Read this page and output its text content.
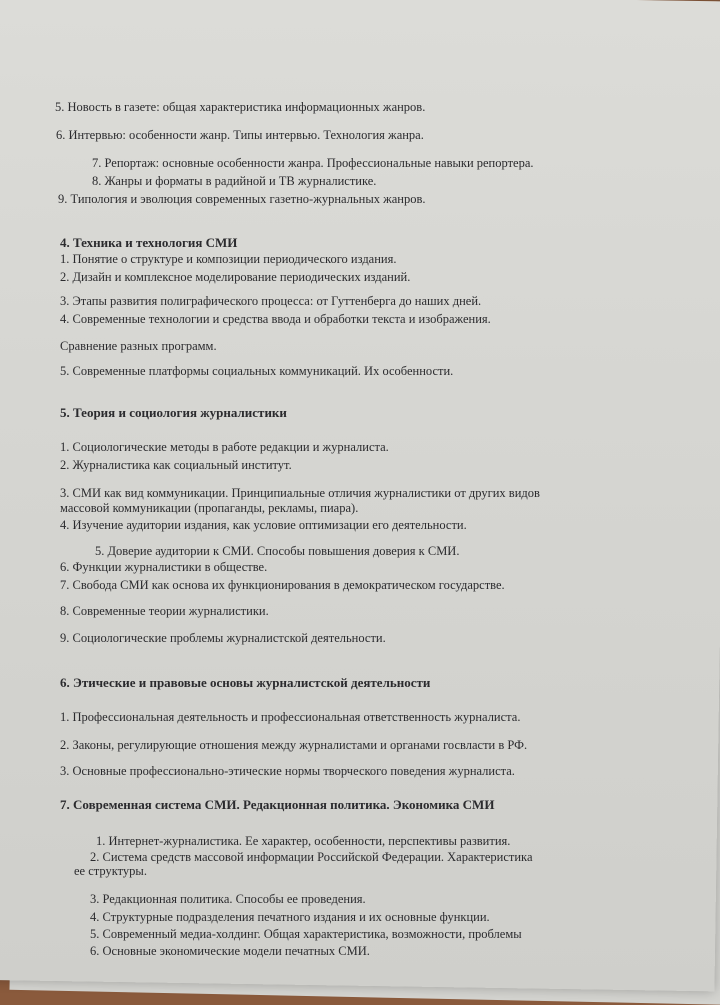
5. Новость в газете: общая характеристика информационных жанров.
6. Интервью: особенности жанр. Типы интервью. Технология жанра.
7. Репортаж: основные особенности жанра. Профессиональные навыки репортера.
8. Жанры и форматы в радийной и ТВ журналистике.
9. Типология и эволюция современных газетно-журнальных жанров.
4. Техника и технология СМИ
1. Понятие о структуре и композиции периодического издания.
2. Дизайн и комплексное моделирование периодических изданий.
3. Этапы развития полиграфического процесса: от Гуттенберга до наших дней.
4. Современные технологии и средства ввода и обработки текста и изображения.
Сравнение разных программ.
5. Современные платформы социальных коммуникаций. Их особенности.
5. Теория и социология журналистики
1. Социологические методы в работе редакции и журналиста.
2. Журналистика как социальный институт.
3. СМИ как вид коммуникации. Принципиальные отличия журналистики от других видов
массовой коммуникации (пропаганды, рекламы, пиара).
4. Изучение аудитории издания, как условие оптимизации его деятельности.
5. Доверие аудитории к СМИ. Способы повышения доверия к СМИ.
6. Функции журналистики в обществе.
7. Свобода СМИ как основа их функционирования в демократическом государстве.
8. Современные теории журналистики.
9. Социологические проблемы журналистской деятельности.
6. Этические и правовые основы журналистской деятельности
1. Профессиональная деятельность и профессиональная ответственность журналиста.
2. Законы, регулирующие отношения между журналистами и органами госвласти в РФ.
3. Основные профессионально-этические нормы творческого поведения журналиста.
7. Современная система СМИ. Редакционная политика. Экономика СМИ
1. Интернет-журналистика. Ее характер, особенности, перспективы развития.
2. Система средств массовой информации Российской Федерации. Характеристика
ее структуры.
3. Редакционная политика. Способы ее проведения.
4. Структурные подразделения печатного издания и их основные функции.
5. Современный медиа-холдинг. Общая характеристика, возможности, проблемы
6. Основные экономические модели печатных СМИ.
